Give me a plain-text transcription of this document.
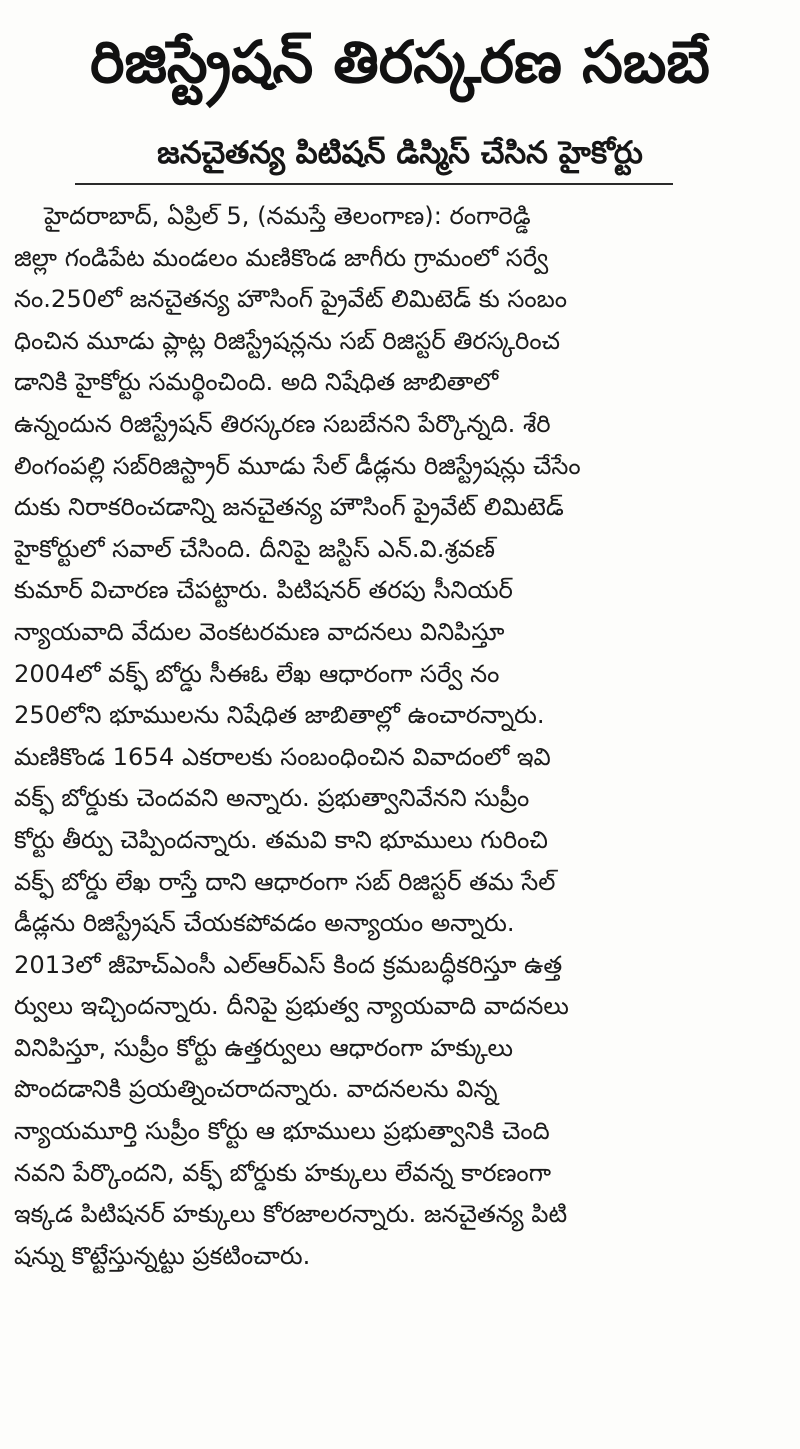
రిజిస్ట్రేషన్ తిరస్కరణ సబబే
జనచైతన్య పిటిషన్ డిస్మిస్ చేసిన హైకోర్టు
హైదరాబాద్, ఏప్రిల్ 5, (నమస్తే తెలంగాణ): రంగారెడ్డి
జిల్లా గండిపేట మండలం మణికొండ జాగీరు గ్రామంలో సర్వే
నం.250లో జనచైతన్య హౌసింగ్ ప్రైవేట్ లిమిటెడ్ కు సంబం
ధించిన మూడు ప్లాట్ల రిజిస్ట్రేషన్లను సబ్ రిజిస్టర్ తిరస్కరించ
డానికి హైకోర్టు సమర్థించింది. అది నిషేధిత జాబితాలో
ఉన్నందున రిజిస్ట్రేషన్ తిరస్కరణ సబబేనని పేర్కొన్నది. శేరి
లింగంపల్లి సబ్‌రిజిస్ట్రార్ మూడు సేల్ డీడ్లను రిజిస్ట్రేషన్లు చేసేం
దుకు నిరాకరించడాన్ని జనచైతన్య హౌసింగ్ ప్రైవేట్ లిమిటెడ్
హైకోర్టులో సవాల్ చేసింది. దీనిపై జస్టిస్ ఎన్.వి.శ్రవణ్
కుమార్ విచారణ చేపట్టారు. పిటిషనర్ తరపు సీనియర్
న్యాయవాది వేదుల వెంకటరమణ వాదనలు వినిపిస్తూ
2004లో వక్ఫ్ బోర్డు సీఈఓ లేఖ ఆధారంగా సర్వే నం
250లోని భూములను నిషేధిత జాబితాల్లో ఉంచారన్నారు.
మణికొండ 1654 ఎకరాలకు సంబంధించిన వివాదంలో ఇవి
వక్ఫ్ బోర్డుకు చెందవని అన్నారు. ప్రభుత్వానివేనని సుప్రీం
కోర్టు తీర్పు చెప్పిందన్నారు. తమవి కాని భూములు గురించి
వక్ఫ్ బోర్డు లేఖ రాస్తే దాని ఆధారంగా సబ్ రిజిస్టర్ తమ సేల్
డీడ్లను రిజిస్ట్రేషన్ చేయకపోవడం అన్యాయం అన్నారు.
2013లో జీహెచ్ఎంసీ ఎల్ఆర్ఎస్ కింద క్రమబద్ధీకరిస్తూ ఉత్త
ర్వులు ఇచ్చిందన్నారు. దీనిపై ప్రభుత్వ న్యాయవాది వాదనలు
వినిపిస్తూ, సుప్రీం కోర్టు ఉత్తర్వులు ఆధారంగా హక్కులు
పొందడానికి ప్రయత్నించరాదన్నారు. వాదనలను విన్న
న్యాయమూర్తి సుప్రీం కోర్టు ఆ భూములు ప్రభుత్వానికి చెంది
నవని పేర్కొందని, వక్ఫ్ బోర్డుకు హక్కులు లేవన్న కారణంగా
ఇక్కడ పిటిషనర్ హక్కులు కోరజాలరన్నారు. జనచైతన్య పిటి
షన్ను కొట్టేస్తున్నట్టు ప్రకటించారు.
